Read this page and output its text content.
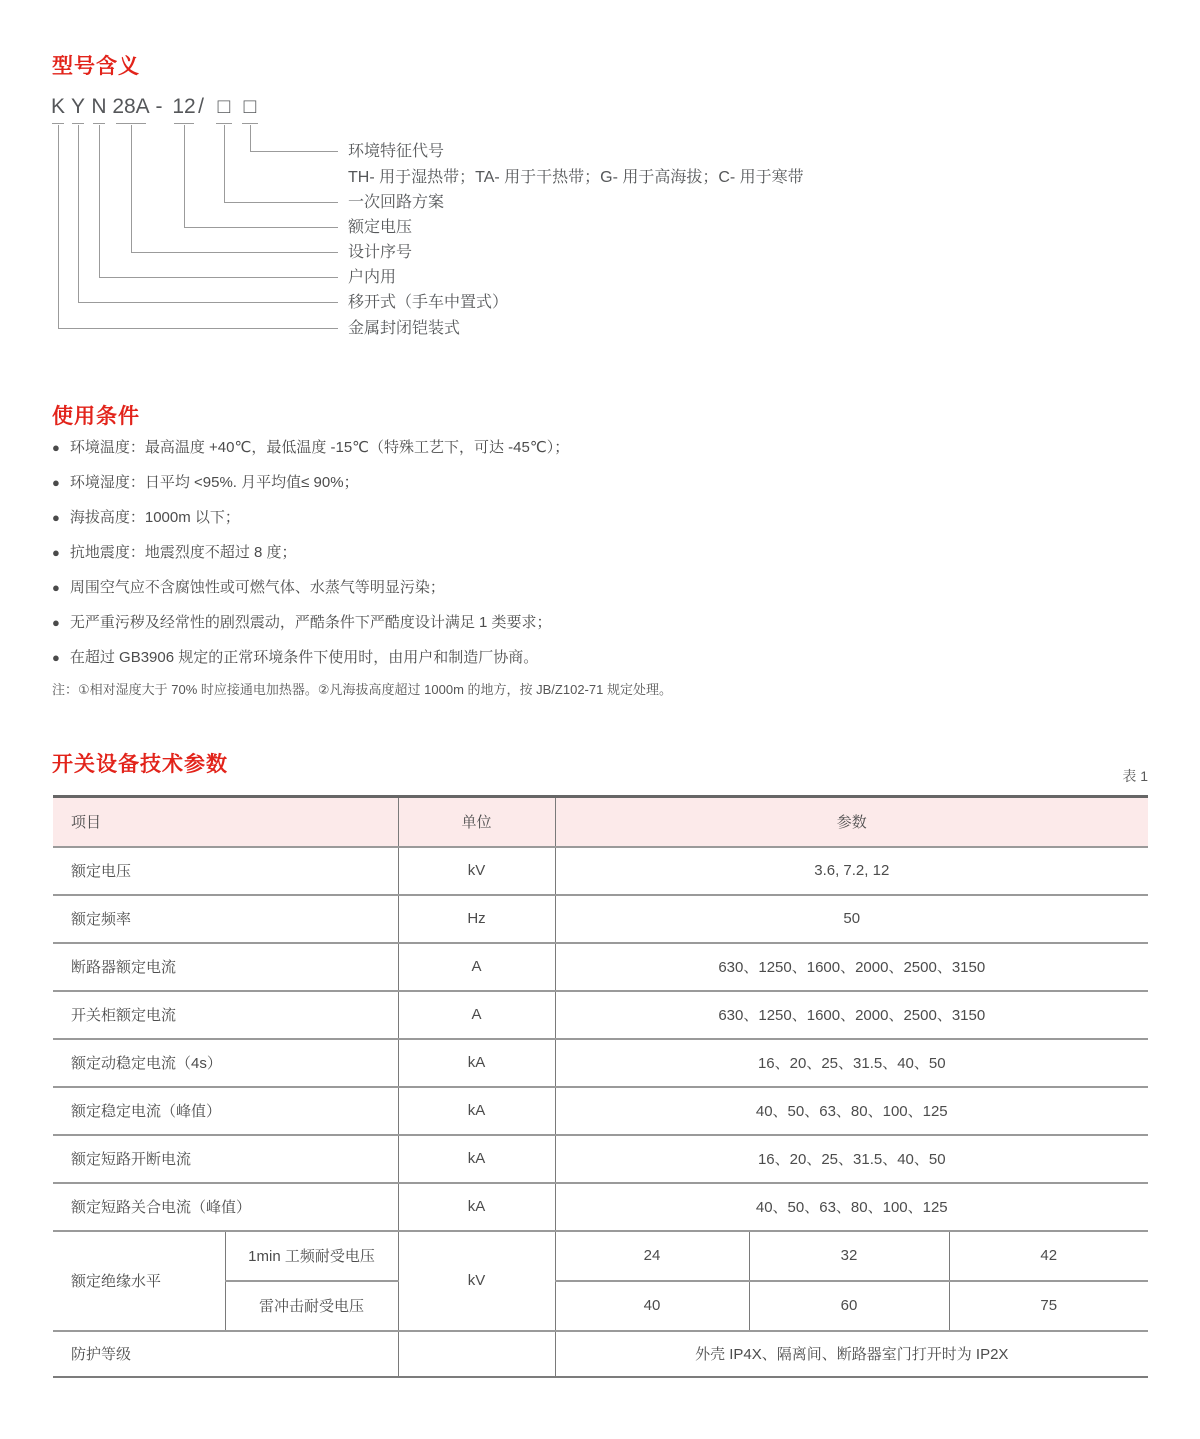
型号含义
K Y N 28A - 12 / □ □
环境特征代号
TH- 用于湿热带；TA- 用于干热带；G- 用于高海拔；C- 用于寒带
一次回路方案
额定电压
设计序号
户内用
移开式（手车中置式）
金属封闭铠装式
使用条件
● 环境温度：最高温度 +40℃，最低温度 -15℃（特殊工艺下，可达 -45℃）；
● 环境湿度：日平均 <95%. 月平均值≤ 90%；
● 海拔高度：1000m 以下；
● 抗地震度：地震烈度不超过 8 度；
● 周围空气应不含腐蚀性或可燃气体、水蒸气等明显污染；
● 无严重污秽及经常性的剧烈震动，严酷条件下严酷度设计满足 1 类要求；
● 在超过 GB3906 规定的正常环境条件下使用时，由用户和制造厂协商。
注：①相对湿度大于 70% 时应接通电加热器。②凡海拔高度超过 1000m 的地方，按 JB/Z102-71 规定处理。
开关设备技术参数	表 1
项目		单位	参数		
额定电压		kV	3.6, 7.2, 12		
额定频率		Hz	50		
断路器额定电流		A	630、1250、1600、2000、2500、3150		
开关柜额定电流		A	630、1250、1600、2000、2500、3150		
额定动稳定电流（4s）		kA	16、20、25、31.5、40、50		
额定稳定电流（峰值）		kA	40、50、63、80、100、125		
额定短路开断电流		kA	16、20、25、31.5、40、50		
额定短路关合电流（峰值）		kA	40、50、63、80、100、125		
额定绝缘水平	1min 工频耐受电压	kV	24	32	42
	雷冲击耐受电压		40	60	75
防护等级			外壳 IP4X、隔离间、断路器室门打开时为 IP2X		
